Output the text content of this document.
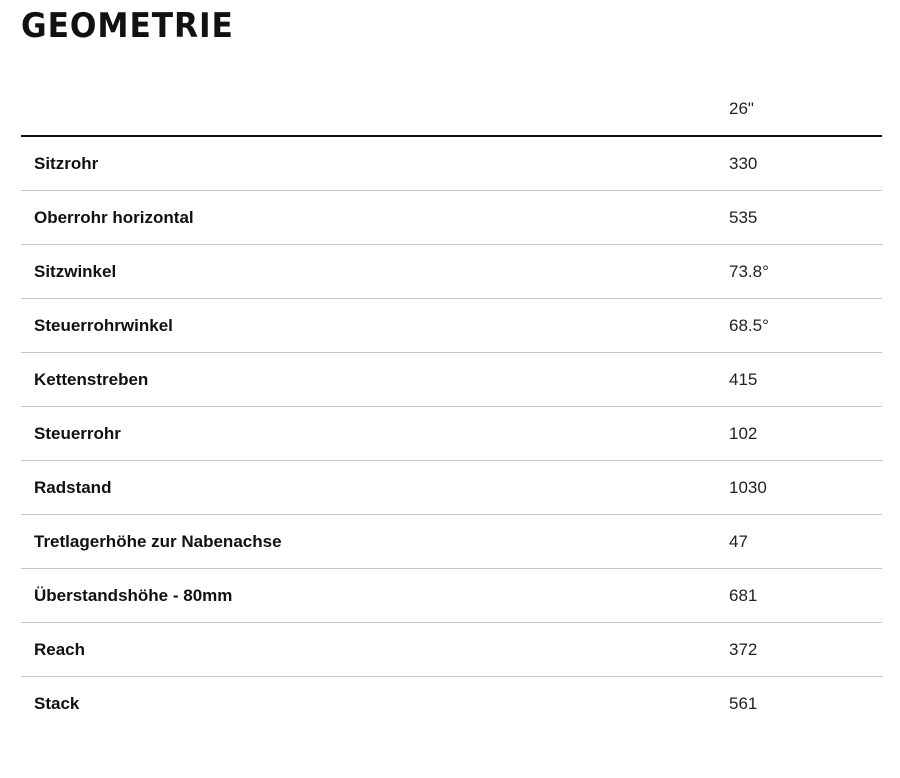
GEOMETRIE
	26"
Sitzrohr	330
Oberrohr horizontal	535
Sitzwinkel	73.8°
Steuerrohrwinkel	68.5°
Kettenstreben	415
Steuerrohr	102
Radstand	1030
Tretlagerhöhe zur Nabenachse	47
Überstandshöhe - 80mm	681
Reach	372
Stack	561
